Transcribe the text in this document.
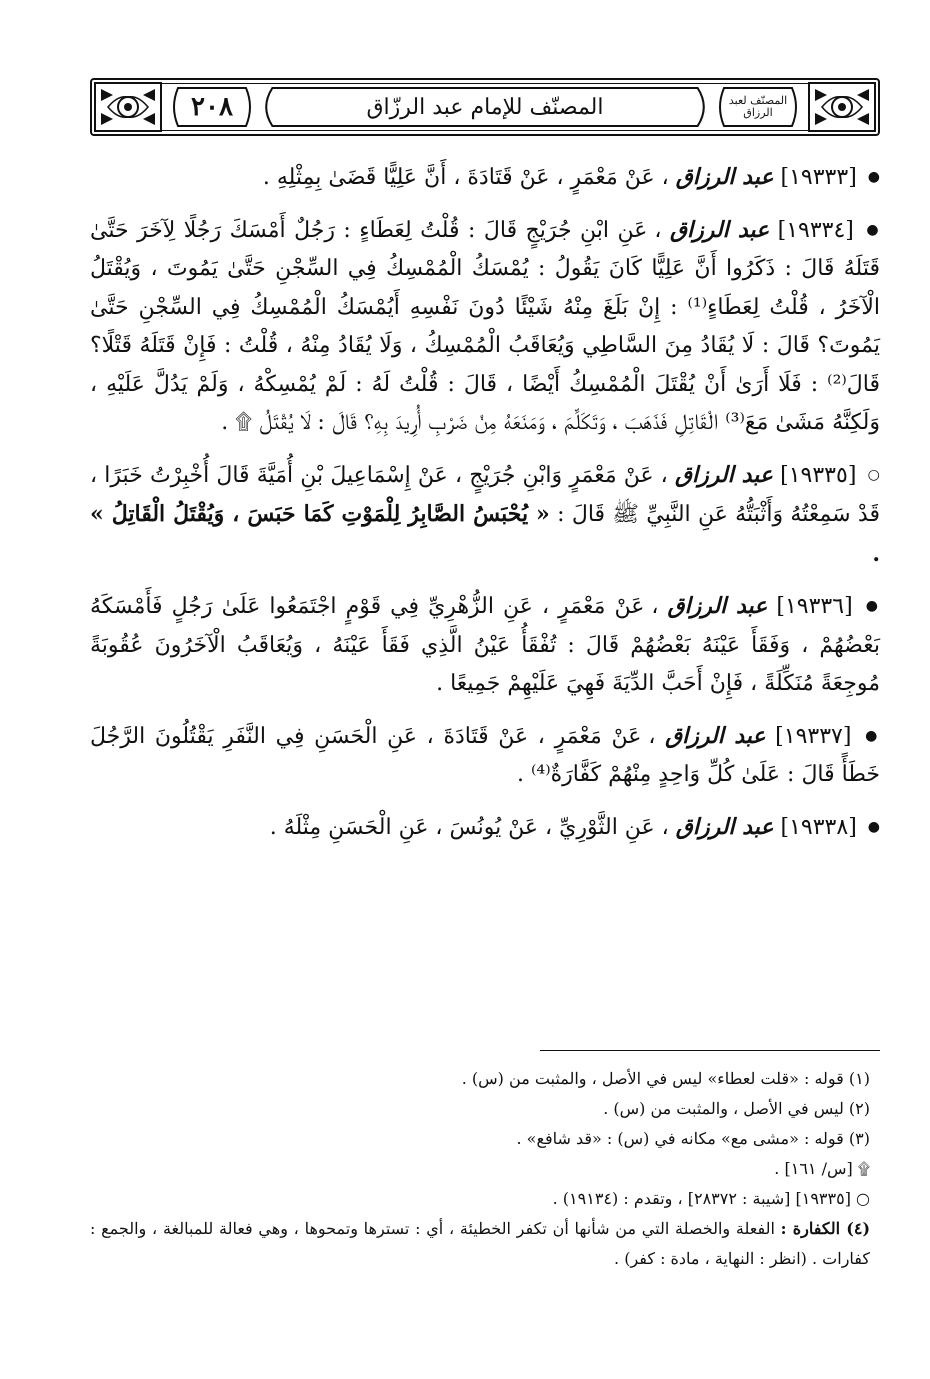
٢٠٨	المصنّف للإمام عبد الرزّاق	المصنّف لعبد الرزاق

● [١٩٣٣٣] عبد الرزاق ، عَنْ مَعْمَرٍ ، عَنْ قَتَادَةَ ، أَنَّ عَلِيًّا قَضَىٰ بِمِثْلِهِ .

● [١٩٣٣٤] عبد الرزاق ، عَنِ ابْنِ جُرَيْجٍ قَالَ : قُلْتُ لِعَطَاءٍ : رَجُلٌ أَمْسَكَ رَجُلًا لِآخَرَ حَتَّىٰ قَتَلَهُ قَالَ : ذَكَرُوا أَنَّ عَلِيًّا كَانَ يَقُولُ : يُمْسَكُ الْمُمْسِكُ فِي السِّجْنِ حَتَّىٰ يَمُوتَ ، وَيُقْتَلُ الْآخَرُ ، قُلْتُ لِعَطَاءٍ⁽¹⁾ : إِنْ بَلَغَ مِنْهُ شَيْئًا دُونَ نَفْسِهِ أَيُمْسَكُ الْمُمْسِكُ فِي السِّجْنِ حَتَّىٰ يَمُوتَ؟ قَالَ : لَا يُقَادُ مِنَ السَّاطِي وَيُعَاقَبُ الْمُمْسِكُ ، وَلَا يُقَادُ مِنْهُ ، قُلْتُ : فَإِنْ قَتَلَهُ قَتْلًا؟ قَالَ⁽²⁾ : فَلَا أَرَىٰ أَنْ يُقْتَلَ الْمُمْسِكُ أَيْضًا ، قَالَ : قُلْتُ لَهُ : لَمْ يُمْسِكْهُ ، وَلَمْ يَدُلَّ عَلَيْهِ ، وَلَكِنَّهُ مَشَىٰ مَعَ⁽³⁾ الْقَاتِلِ فَذَهَبَ ، وَتَكَلَّمَ ، وَمَنَعَهُ مِنْ ضَرْبِ أُرِيدَ بِهِ؟ قَالَ : لَا يُقْتَلُ ۩ .

○ [١٩٣٣٥] عبد الرزاق ، عَنْ مَعْمَرٍ وَابْنِ جُرَيْجٍ ، عَنْ إِسْمَاعِيلَ بْنِ أُمَيَّةَ قَالَ أُخْبِرْتُ خَبَرًا ، قَدْ سَمِعْتُهُ وَأَثْبَتُّهُ عَنِ النَّبِيِّ ﷺ قَالَ : « يُحْبَسُ الصَّابِرُ لِلْمَوْتِ كَمَا حَبَسَ ، وَيُقْتَلُ الْقَاتِلُ » .

● [١٩٣٣٦] عبد الرزاق ، عَنْ مَعْمَرٍ ، عَنِ الزُّهْرِيِّ فِي قَوْمٍ اجْتَمَعُوا عَلَىٰ رَجُلٍ فَأَمْسَكَهُ بَعْضُهُمْ ، وَفَقَأَ عَيْنَهُ بَعْضُهُمْ قَالَ : تُفْقَأُ عَيْنُ الَّذِي فَقَأَ عَيْنَهُ ، وَيُعَاقَبُ الْآخَرُونَ عُقُوبَةً مُوجِعَةً مُنَكِّلَةً ، فَإِنْ أَحَبَّ الدِّيَةَ فَهِيَ عَلَيْهِمْ جَمِيعًا .

● [١٩٣٣٧] عبد الرزاق ، عَنْ مَعْمَرٍ ، عَنْ قَتَادَةَ ، عَنِ الْحَسَنِ فِي النَّفَرِ يَقْتُلُونَ الرَّجُلَ خَطَأً قَالَ : عَلَىٰ كُلِّ وَاحِدٍ مِنْهُمْ كَفَّارَةٌ⁽⁴⁾ .

● [١٩٣٣٨] عبد الرزاق ، عَنِ الثَّوْرِيِّ ، عَنْ يُونُسَ ، عَنِ الْحَسَنِ مِثْلَهُ .

(١) قوله : «قلت لعطاء» ليس في الأصل ، والمثبت من (س) .

(٢) ليس في الأصل ، والمثبت من (س) .

(٣) قوله : «مشى مع» مكانه في (س) : «قد شافع» .

۩ [س/ ١٦١] .

○ [١٩٣٣٥] [شيبة : ٢٨٣٧٢] ، وتقدم : (١٩١٣٤) .

(٤) الكفارة : الفعلة والخصلة التي من شأنها أن تكفر الخطيئة ، أي : تسترها وتمحوها ، وهي فعالة للمبالغة ، والجمع : كفارات . (انظر : النهاية ، مادة : كفر) .
